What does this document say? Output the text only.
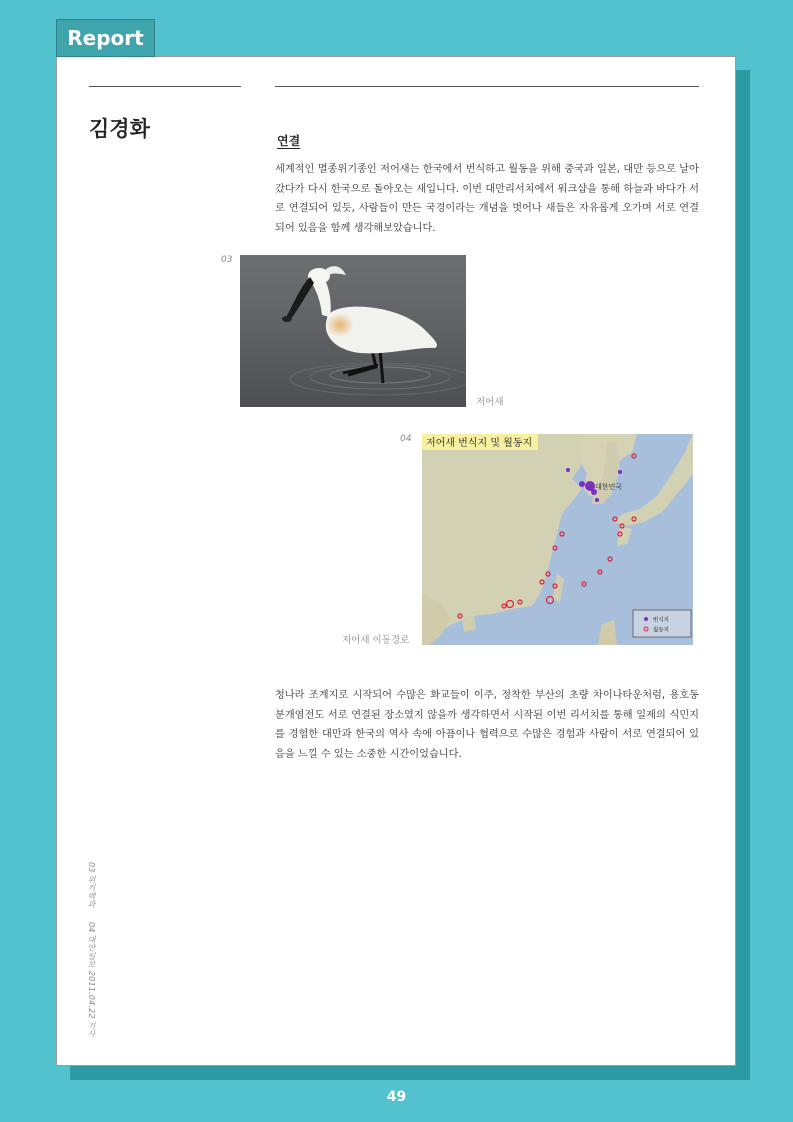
Report
김경화	연결
세계적인 멸종위기종인 저어새는 한국에서 번식하고 월동을 위해 중국과 일본, 대만 등으로 날아갔다가 다시 한국으로 돌아오는 새입니다. 이번 대만리서치에서 워크샵을 통해 하늘과 바다가 서로 연결되어 있듯, 사람들이 만든 국경이라는 개념을 벗어나 새들은 자유롭게 오가며 서로 연결되어 있음을 함께 생각해보았습니다.
03
저어새
04 저어새 번식지 및 월동지
대한민국
번식지
월동지
저어새 이동경로
청나라 조계지로 시작되어 수많은 화교들이 이주, 정착한 부산의 초량 차이나타운처럼, 용호동 분개염전도 서로 연결된 장소였지 않을까 생각하면서 시작된 이번 리서치를 통해 일제의 식민지를 경험한 대만과 한국의 역사 속에 아픔이나 협력으로 수많은 경험과 사람이 서로 연결되어 있음을 느낄 수 있는 소중한 시간이었습니다.
03 위키백과04 대만일보 2011.04.22 기사
49
